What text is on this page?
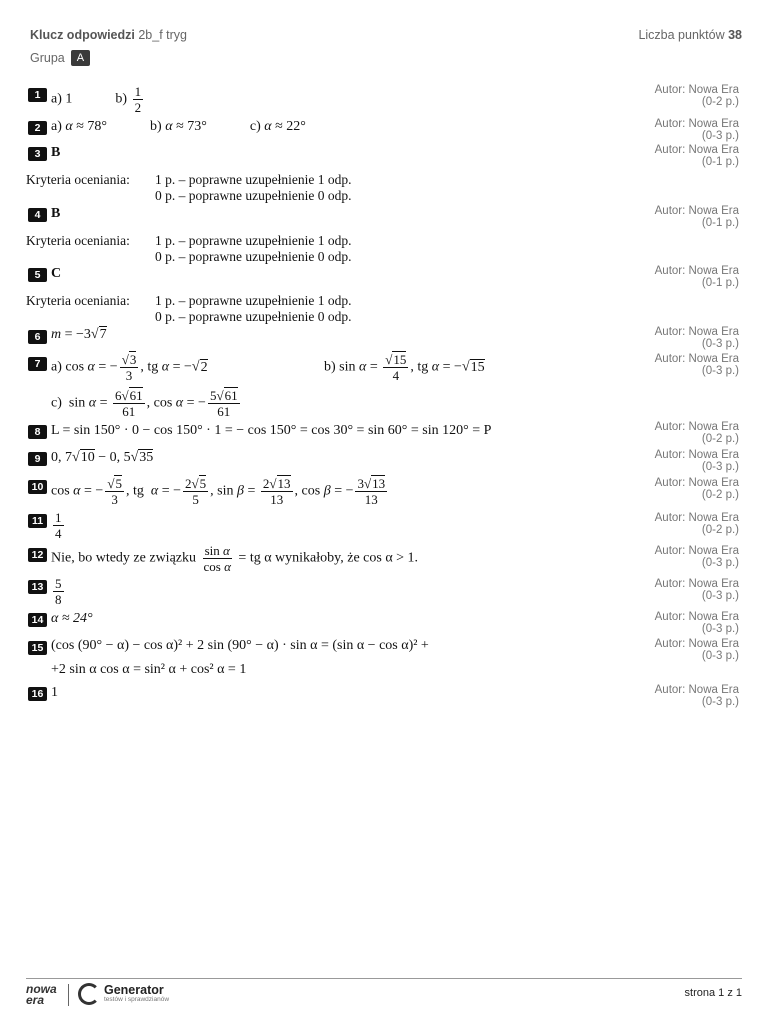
Klucz odpowiedzi 2b_f tryg	Liczba punktów 38
Grupa	A
1 a) 1	$b) \frac{1}{2}$	Autor: Nowa Era
(0-2 p.)
2 a) α ≈ 78°	b) α ≈ 73°	c) α ≈ 22°	Autor: Nowa Era
(0-3 p.)
3 B	Autor: Nowa Era
(0-1 p.)
Kryteria oceniania: 1 p. – poprawne uzupełnienie 1 odp.
0 p. – poprawne uzupełnienie 0 odp.
4 B	Autor: Nowa Era
(0-1 p.)
Kryteria oceniania: 1 p. – poprawne uzupełnienie 1 odp.
0 p. – poprawne uzupełnienie 0 odp.
5 C	Autor: Nowa Era
(0-1 p.)
Kryteria oceniania: 1 p. – poprawne uzupełnienie 1 odp.
0 p. – poprawne uzupełnienie 0 odp.
6 m = −3√7	Autor: Nowa Era
(0-3 p.)
7 a) cos α = − $\frac{√3}{3}$ , tg α = −√2	b) $\sin \alpha = \frac{√15}{4}$ , tg α = −√15
c)  $\sin \alpha = \frac{6√61}{61}$ , cos α = − $\frac{5√61}{61}$
Autor: Nowa Era
(0-3 p.)
8 L = sin 150° · 0 − cos 150° · 1 = − cos 150° = cos 30° = sin 60° = sin 120° = P	Autor: Nowa Era
(0-2 p.)
9 0, 7√10 − 0, 5√35	Autor: Nowa Era
(0-3 p.)
10 cos α = − $\frac{√5}{3}$ , tg  α = − $\frac{2√5}{5}$ , $\sin \beta = \frac{2√13}{13}$ , cos β = − $\frac{3√13}{13}$	Autor: Nowa Era
(0-2 p.)
$11 \frac{1}{4}$	Autor: Nowa Era
(0-2 p.)
12 Nie, bo wtedy ze związku $\frac{\text{sin α}}{\text{cos α}}$ = tg α wynikałoby, że cos α > 1.	Autor: Nowa Era
(0-3 p.)
$13 \frac{5}{8}$	Autor: Nowa Era
(0-3 p.)
14 α ≈ 24°	Autor: Nowa Era
(0-3 p.)
15 (cos (90° − α) − cos α)² + 2 sin (90° − α) · sin α = (sin α − cos α)² +
+2 sin α cos α = sin² α + cos² α = 1
Autor: Nowa Era
(0-3 p.)
16 1	Autor: Nowa Era
(0-3 p.)
nowa
era
Generator
testów i sprawdzianów
strona 1 z 1
